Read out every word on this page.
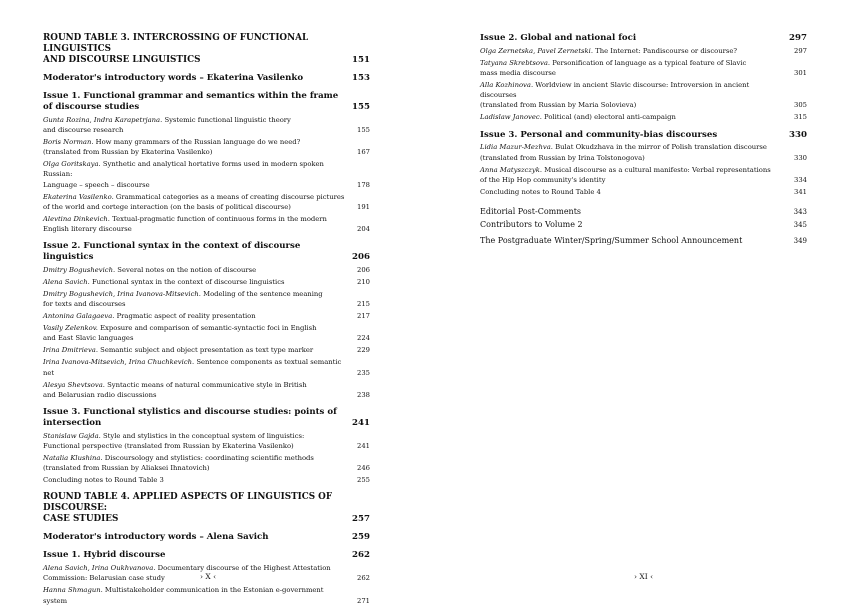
ROUND TABLE 3. INTERCROSSING OF FUNCTIONAL LINGUISTICS
AND DISCOURSE LINGUISTICS	151
Moderator's introductory words – Ekaterina Vasilenko	153
Issue 1. Functional grammar and semantics within the frame
of discourse studies	155
Gunta Rozina, Indra Karapetrjana. Systemic functional linguistic theory
and discourse research	155
Boris Norman. How many grammars of the Russian language do we need?
(translated from Russian by Ekaterina Vasilenko)	167
Olga Goritskaya. Synthetic and analytical hortative forms used in modern spoken Russian:
Language – speech – discourse	178
Ekaterina Vasilenko. Grammatical categories as a means of creating discourse pictures
of the world and cortege interaction (on the basis of political discourse)	191
Alevtina Dinkevich. Textual-pragmatic function of continuous forms in the modern
English literary discourse	204
Issue 2. Functional syntax in the context of discourse linguistics	206
Dmitry Bogushevich. Several notes on the notion of discourse	206
Alena Savich. Functional syntax in the context of discourse linguistics	210
Dmitry Bogushevich, Irina Ivanova-Mitsevich. Modeling of the sentence meaning
for texts and discourses	215
Antonina Galagaeva. Pragmatic aspect of reality presentation	217
Vasily Zelenkov. Exposure and comparison of semantic-syntactic foci in English
and East Slavic languages	224
Irina Dmitrieva. Semantic subject and object presentation as text type marker	229
Irina Ivanova-Mitsevich, Irina Chuchkevich. Sentence components as textual semantic net	235
Alesya Shevtsova. Syntactic means of natural communicative style in British
and Belarusian radio discussions	238
Issue 3. Functional stylistics and discourse studies: points of intersection	241
Stanislaw Gajda. Style and stylistics in the conceptual system of linguistics:
Functional perspective (translated from Russian by Ekaterina Vasilenko)	241
Natalia Klushina. Discoursology and stylistics: coordinating scientific methods
(translated from Russian by Aliaksei Ihnatovich)	246
Concluding notes to Round Table 3	255
ROUND TABLE 4. APPLIED ASPECTS OF LINGUISTICS OF DISCOURSE:
CASE STUDIES	257
Moderator's introductory words – Alena Savich	259
Issue 1. Hybrid discourse	262
Alena Savich, Irina Oukhvanova. Documentary discourse of the Highest Attestation
Commission: Belarusian case study	262
Hanna Shmagun. Multistakeholder communication in the Estonian e-government system	271
› X ‹
Issue 2. Global and national foci	297
Olga Zernetska, Pavel Zernetski. The Internet: Pandiscourse or discourse?	297
Tatyana Skrebtsova. Personification of language as a typical feature of Slavic
mass media discourse	301
Alla Kozhinova. Worldview in ancient Slavic discourse: Introversion in ancient discourses
(translated from Russian by Maria Solovieva)	305
Ladislaw Janovec. Political (and) electoral anti-campaign	315
Issue 3. Personal and community-bias discourses	330
Lidia Mazur-Mezhva. Bulat Okudzhava in the mirror of Polish translation discourse
(translated from Russian by Irina Tolstonogova)	330
Anna Matyszczyk. Musical discourse as a cultural manifesto: Verbal representations
of the Hip Hop community's identity	334
Concluding notes to Round Table 4	341
Editorial Post-Comments	343
Contributors to Volume 2	345
The Postgraduate Winter/Spring/Summer School Announcement	349
› XI ‹
